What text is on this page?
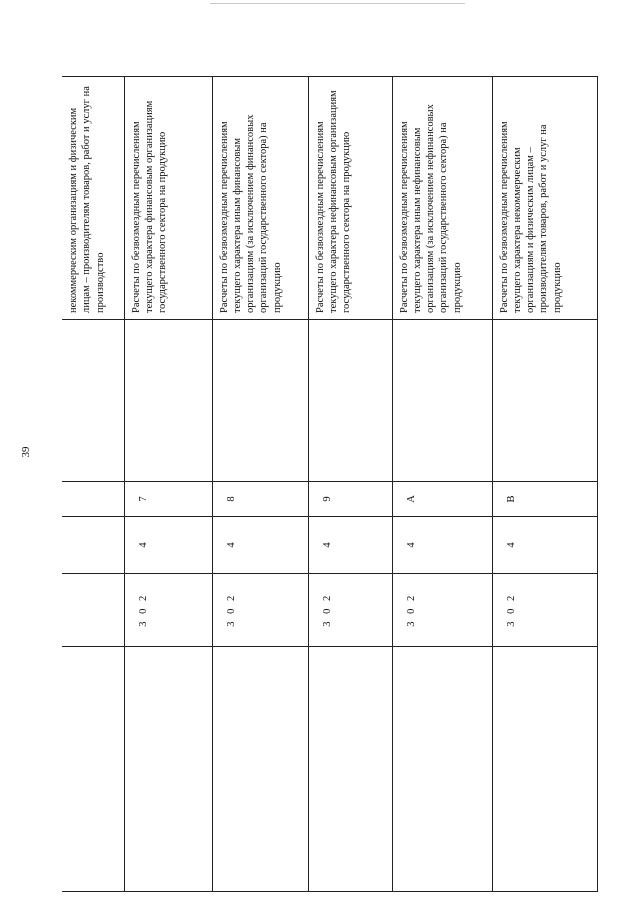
39
					некоммерческим организациям и физическим лицам – производителям товаров, работ и услуг на производство
	3 0 2	4	7		Расчеты по безвозмездным перечислениям текущего характера финансовым организациям государственного сектора на продукцию
	3 0 2	4	8		Расчеты по безвозмездным перечислениям текущего характера иным финансовым организациям (за исключением финансовых организаций государственного сектора) на продукцию
	3 0 2	4	9		Расчеты по безвозмездным перечислениям текущего характера нефинансовым организациям государственного сектора на продукцию
	3 0 2	4	А		Расчеты по безвозмездным перечислениям текущего характера иным нефинансовым организациям (за исключением нефинансовых организаций государственного сектора) на продукцию
	3 0 2	4	В		Расчеты по безвозмездным перечислениям текущего характера некоммерческим организациям и физическим лицам – производителям товаров, работ и услуг на продукцию
